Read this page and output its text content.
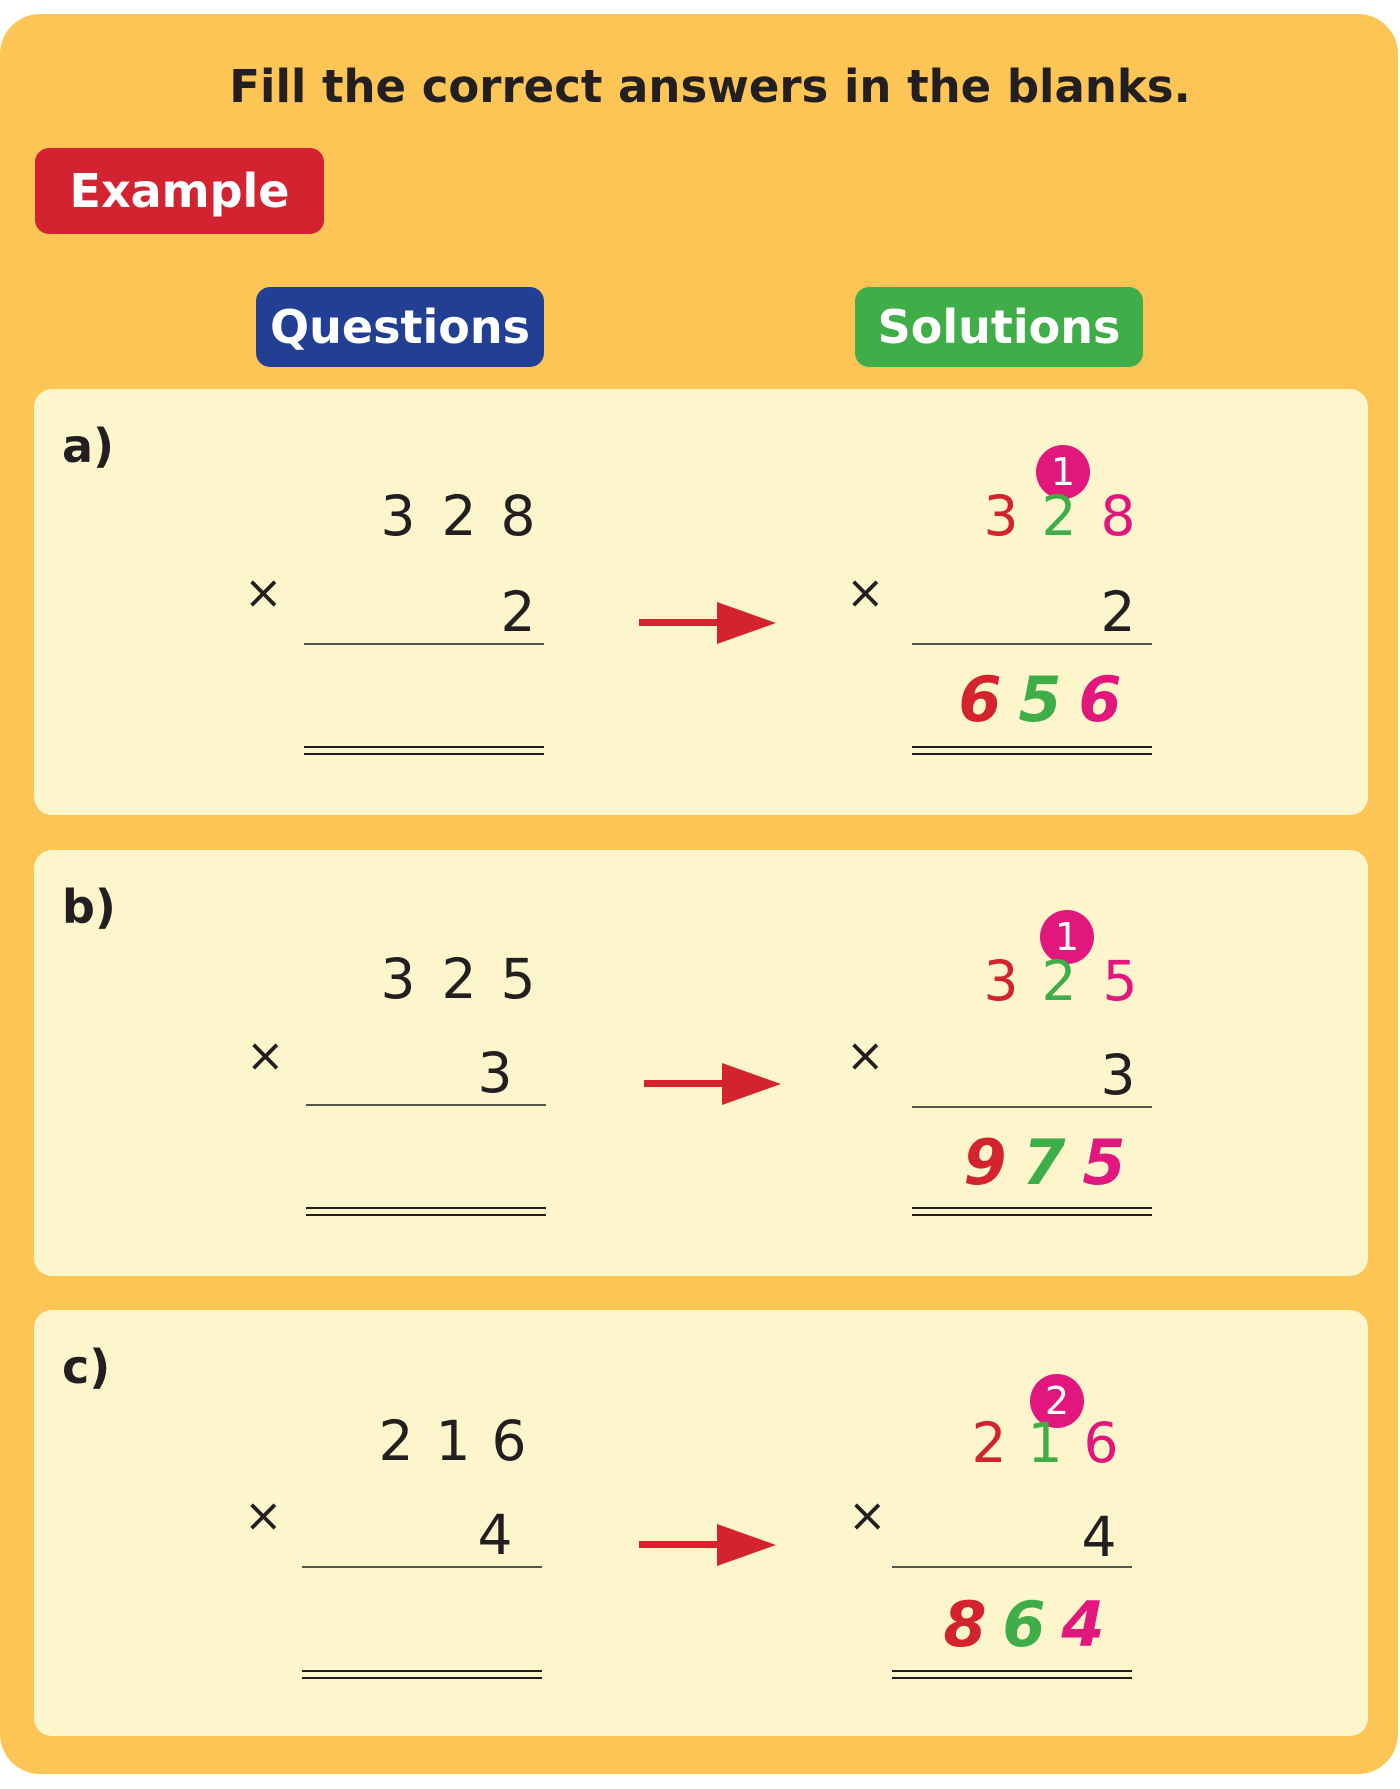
Fill the correct answers in the blanks.
Example
Questions	Solutions
a)
3 2 8
×	2
1
3 2 8
×	2
6 5 6
b)
3 2 5
×	3
1
3 2 5
×	3
9 7 5
c)
2 1 6
×	4
2
2 1 6
×	4
8 6 4
